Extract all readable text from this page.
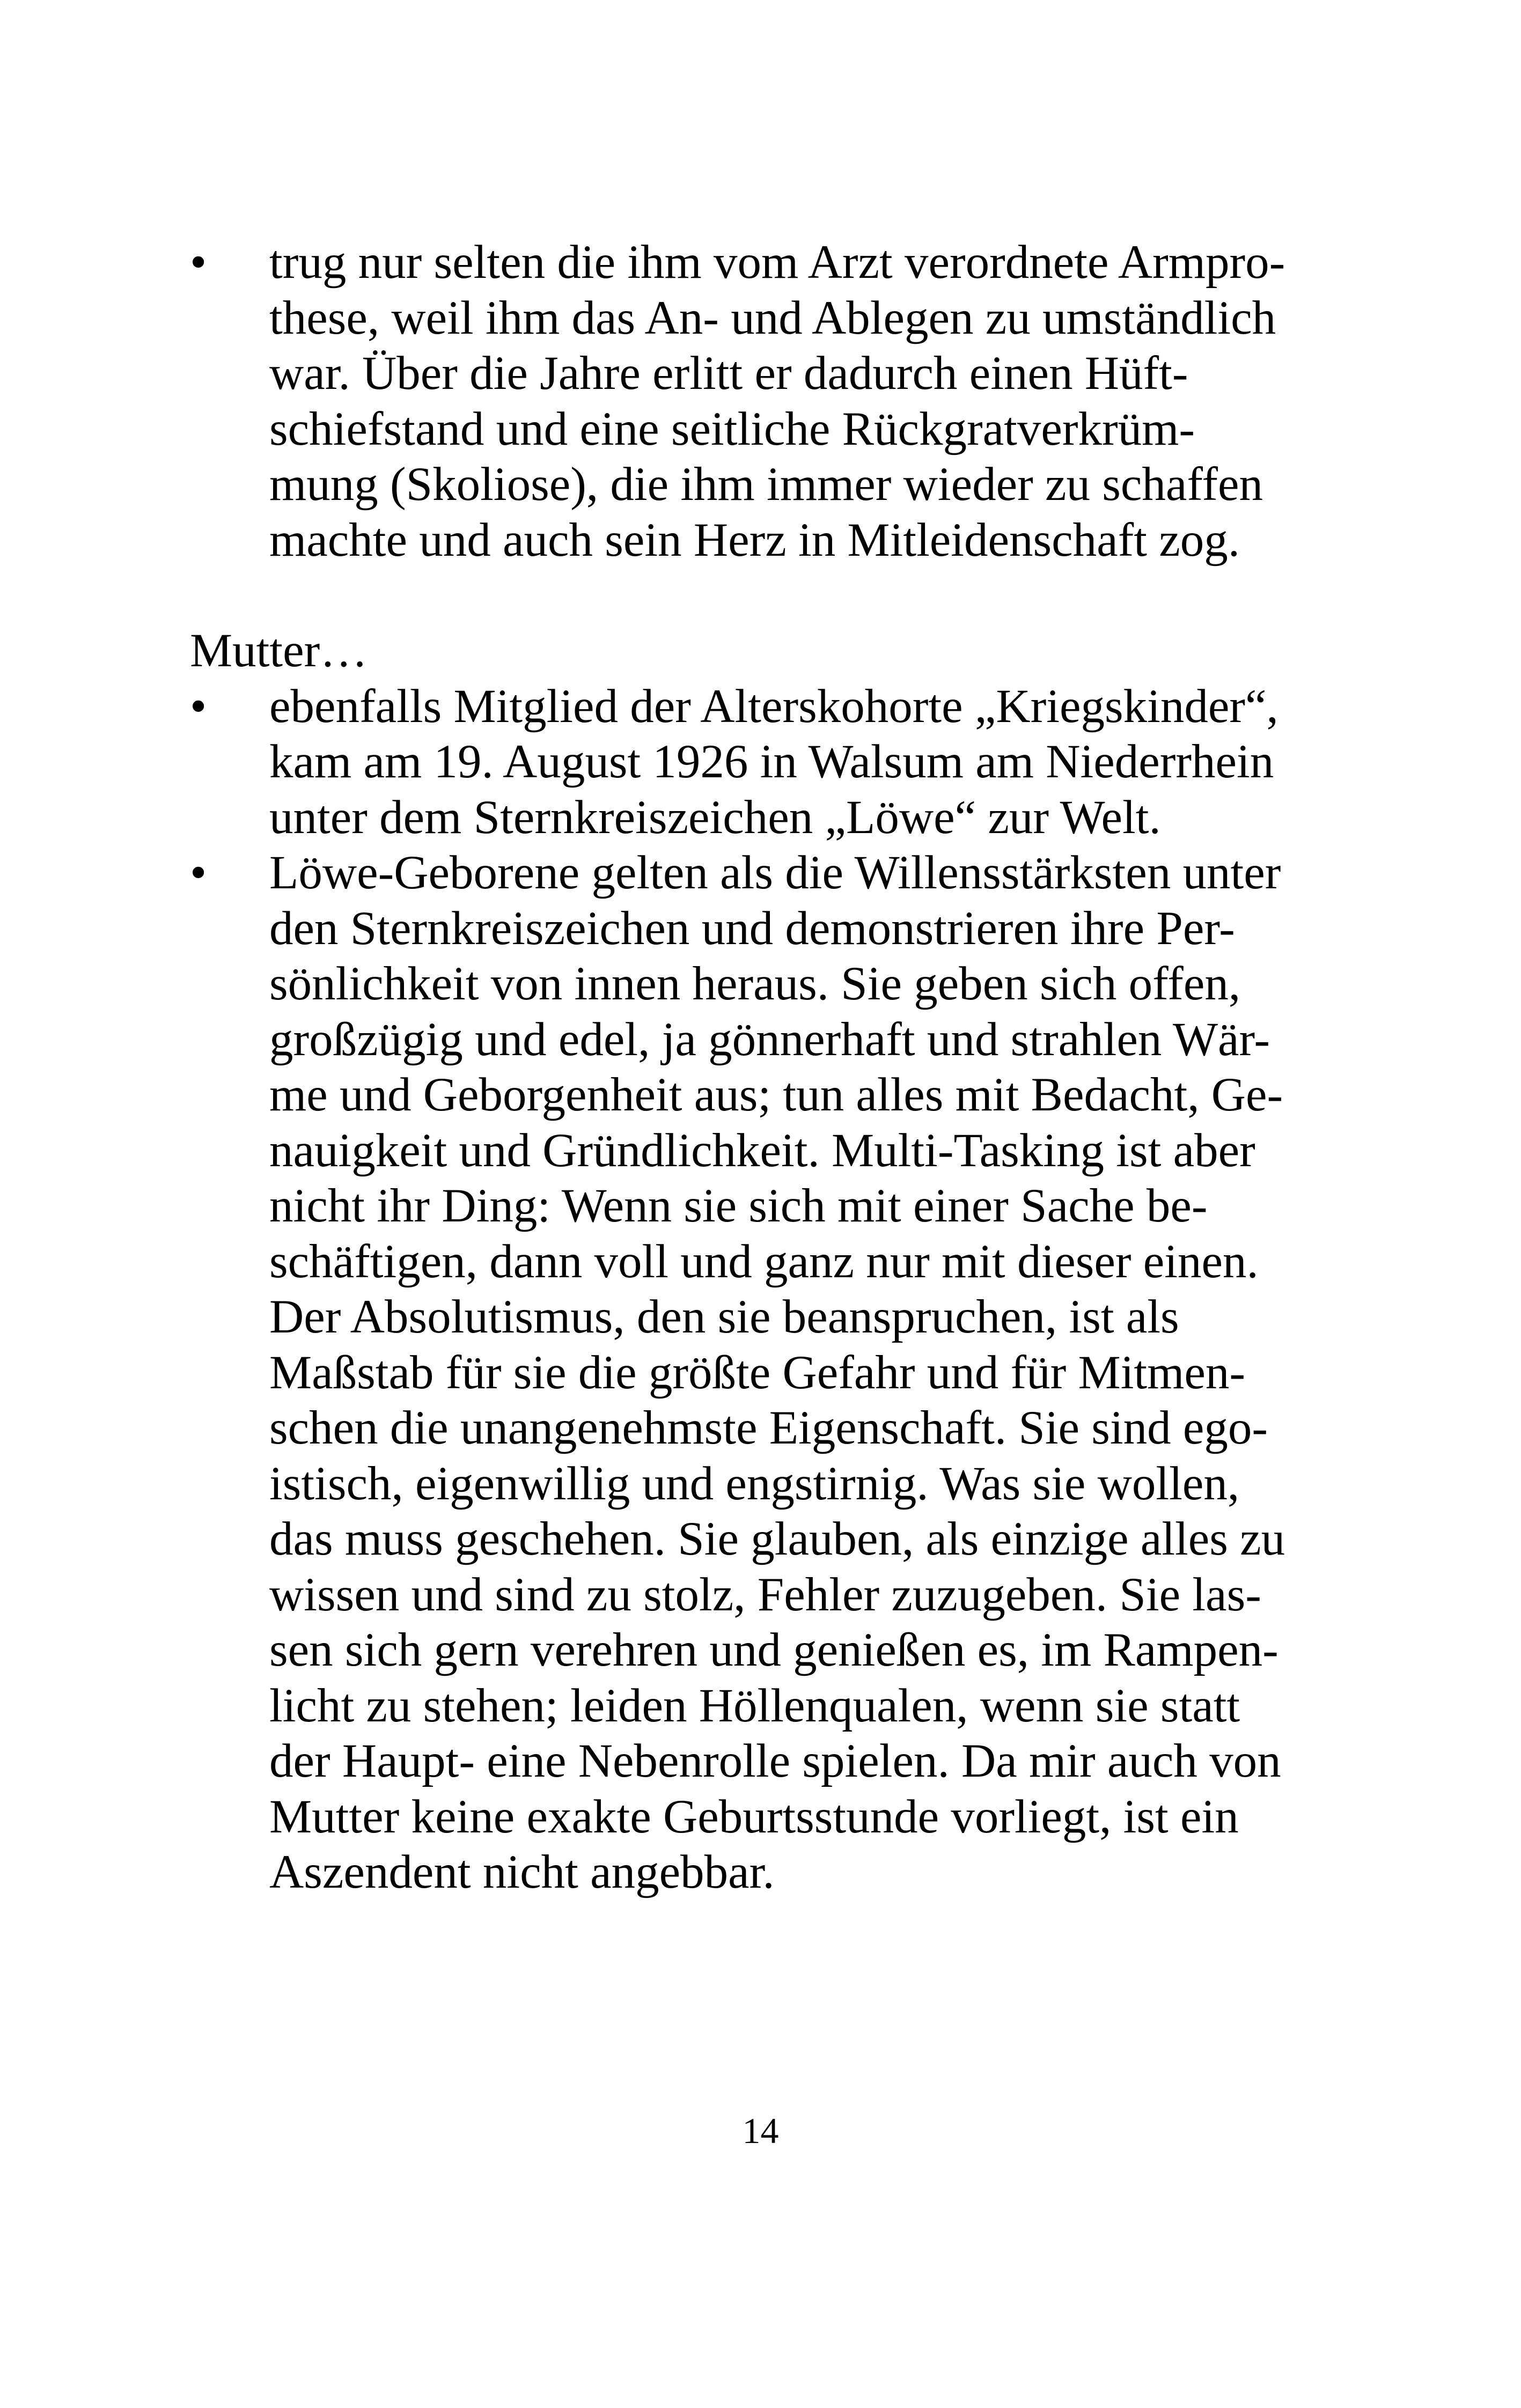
•	trug nur selten die ihm vom Arzt verordnete Armpro-
these, weil ihm das An- und Ablegen zu umständlich
war. Über die Jahre erlitt er dadurch einen Hüft-
schiefstand und eine seitliche Rückgratverkrüm-
mung (Skoliose), die ihm immer wieder zu schaffen
machte und auch sein Herz in Mitleidenschaft zog.
Mutter…
•	ebenfalls Mitglied der Alterskohorte „Kriegskinder“,
kam am 19. August 1926 in Walsum am Niederrhein
unter dem Sternkreiszeichen „Löwe“ zur Welt.
•	Löwe-Geborene gelten als die Willensstärksten unter
den Sternkreiszeichen und demonstrieren ihre Per-
sönlichkeit von innen heraus. Sie geben sich offen,
großzügig und edel, ja gönnerhaft und strahlen Wär-
me und Geborgenheit aus; tun alles mit Bedacht, Ge-
nauigkeit und Gründlichkeit. Multi-Tasking ist aber
nicht ihr Ding: Wenn sie sich mit einer Sache be-
schäftigen, dann voll und ganz nur mit dieser einen.
Der Absolutismus, den sie beanspruchen, ist als
Maßstab für sie die größte Gefahr und für Mitmen-
schen die unangenehmste Eigenschaft. Sie sind ego-
istisch, eigenwillig und engstirnig. Was sie wollen,
das muss geschehen. Sie glauben, als einzige alles zu
wissen und sind zu stolz, Fehler zuzugeben. Sie las-
sen sich gern verehren und genießen es, im Rampen-
licht zu stehen; leiden Höllenqualen, wenn sie statt
der Haupt- eine Nebenrolle spielen. Da mir auch von
Mutter keine exakte Geburtsstunde vorliegt, ist ein
Aszendent nicht angebbar.
14
